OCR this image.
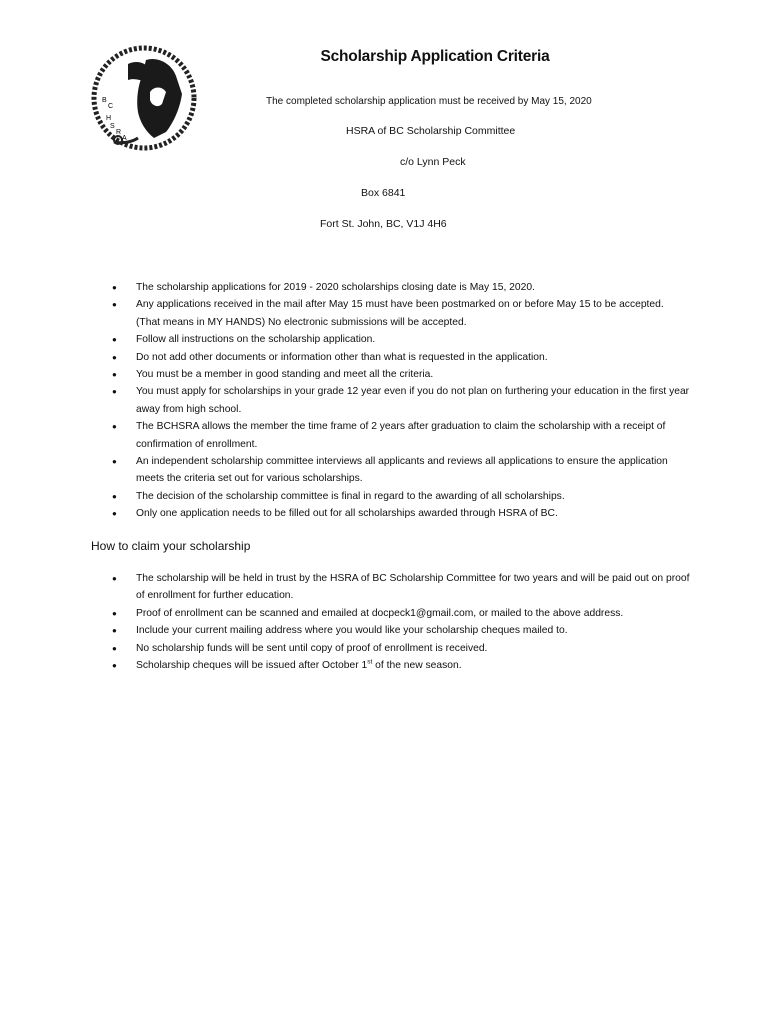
B
C
H
S
R
A
Scholarship Application Criteria
The completed scholarship application must be received by May 15, 2020
HSRA of BC Scholarship Committee
c/o Lynn Peck
Box 6841
Fort St. John, BC, V1J 4H6
● The scholarship applications for 2019 - 2020 scholarships closing date is May 15, 2020.
● Any applications received in the mail after May 15 must have been postmarked on or before May 15 to be accepted. (That means in MY HANDS) No electronic submissions will be accepted.
● Follow all instructions on the scholarship application.
● Do not add other documents or information other than what is requested in the application.
● You must be a member in good standing and meet all the criteria.
● You must apply for scholarships in your grade 12 year even if you do not plan on furthering your education in the first year away from high school.
● The BCHSRA allows the member the time frame of 2 years after graduation to claim the scholarship with a receipt of confirmation of enrollment.
● An independent scholarship committee interviews all applicants and reviews all applications to ensure the application meets the criteria set out for various scholarships.
● The decision of the scholarship committee is final in regard to the awarding of all scholarships.
● Only one application needs to be filled out for all scholarships awarded through HSRA of BC.
How to claim your scholarship
● The scholarship will be held in trust by the HSRA of BC Scholarship Committee for two years and will be paid out on proof of enrollment for further education.
● Proof of enrollment can be scanned and emailed at docpeck1@gmail.com, or mailed to the above address.
● Include your current mailing address where you would like your scholarship cheques mailed to.
● No scholarship funds will be sent until copy of proof of enrollment is received.
● Scholarship cheques will be issued after October 1st of the new season.
